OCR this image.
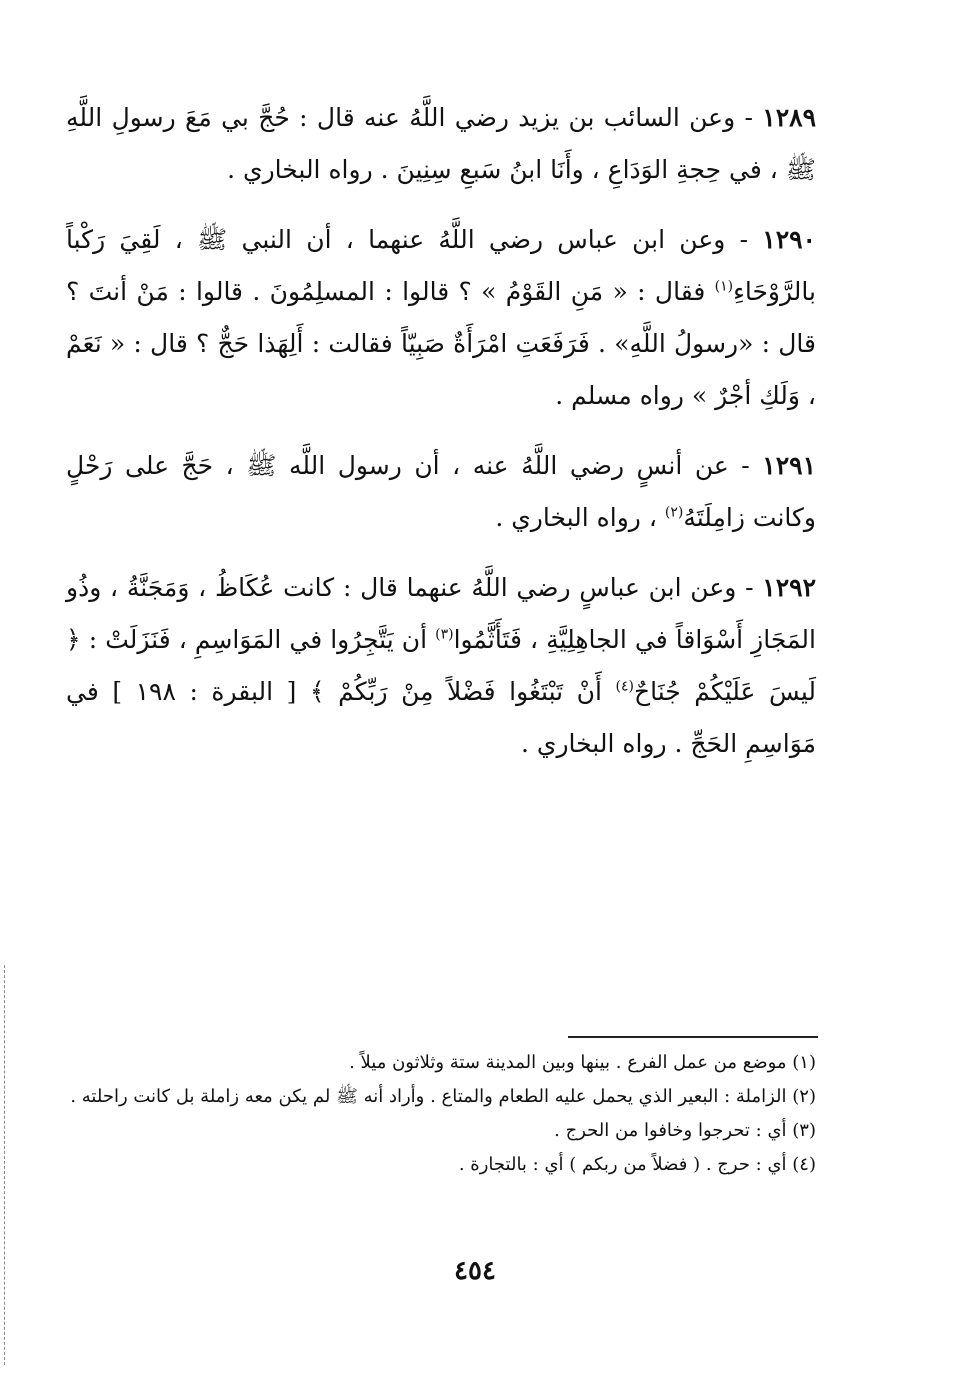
١٢٨٩ - وعن السائب بن يزيد رضي اللَّهُ عنه قال : حُجَّ بي مَعَ رسولِ اللَّهِ ﷺ ، في حِجةِ الوَدَاعِ ، وأَنَا ابنُ سَبعِ سِنِينَ . رواه البخاري .

١٢٩٠ - وعن ابن عباس رضي اللَّهُ عنهما ، أن النبي ﷺ ، لَقِيَ رَكْباً بالرَّوْحَاءِ$^{(١)}$ فقال : « مَنِ القَوْمُ » ؟ قالوا : المسلِمُونَ . قالوا : مَنْ أنتَ ؟ قال : «رسولُ اللَّهِ» . فَرَفَعَتِ امْرَأَةٌ صَبِيّاً فقالت : أَلِهَذا حَجٌّ ؟ قال : « نَعَمْ ، وَلَكِ أجْرٌ » رواه مسلم .

١٢٩١ - عن أنسٍ رضي اللَّهُ عنه ، أن رسول اللَّه ﷺ ، حَجَّ على رَحْلٍ وكانت زامِلَتَهُ$^{(٢)}$ ، رواه البخاري .

١٢٩٢ - وعن ابن عباسٍ رضي اللَّهُ عنهما قال : كانت عُكَاظُ ، وَمَجَنَّةُ ، وذُو المَجَازِ أَسْوَاقاً في الجاهِلِيَّةِ ، فَتَأَثَّمُوا$^{(٣)}$ أن يَتَّجِرُوا في المَوَاسِمِ ، فَنَزَلَتْ : ﴿ لَيسَ عَلَيْكُمْ جُنَاحٌ$^{(٤)}$ أَنْ تَبْتَغُوا فَضْلاً مِنْ رَبِّكُمْ ﴾ [ البقرة : ١٩٨ ] في مَوَاسِمِ الحَجِّ . رواه البخاري .

(١) موضع من عمل الفرع . بينها وبين المدينة ستة وثلاثون ميلاً .

(٢) الزاملة : البعير الذي يحمل عليه الطعام والمتاع . وأراد أنه ﷺ لم يكن معه زاملة بل كانت راحلته .

(٣) أي : تحرجوا وخافوا من الحرج .

(٤) أي : حرج . ( فضلاً من ربكم ) أي : بالتجارة .

٤٥٤
